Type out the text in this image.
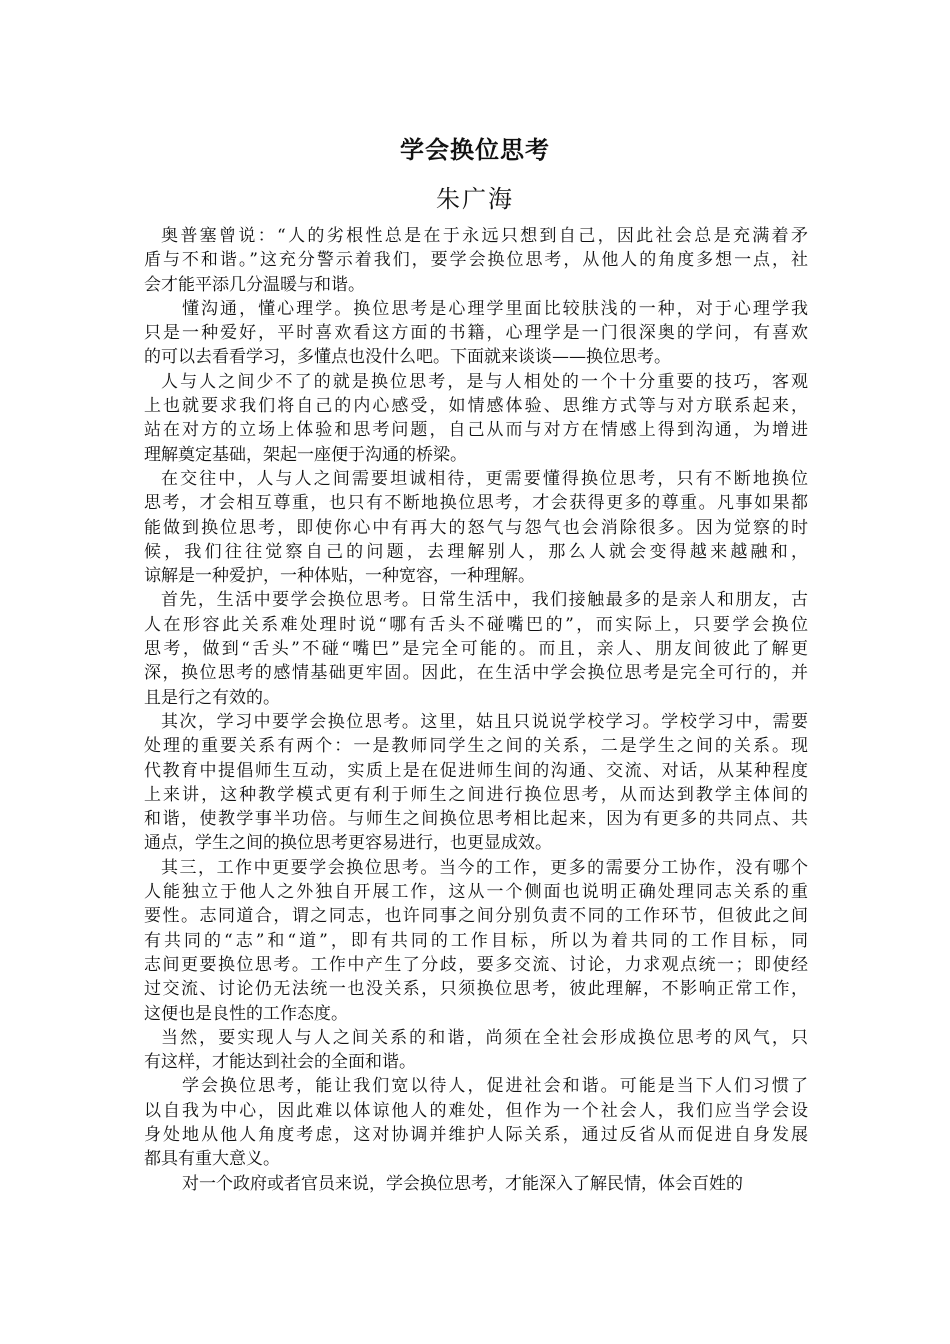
学会换位思考
朱广海
奥普塞曾说：“人的劣根性总是在于永远只想到自己，因此社会总是充满着矛
盾与不和谐。”这充分警示着我们，要学会换位思考，从他人的角度多想一点，社
会才能平添几分温暖与和谐。
懂沟通，懂心理学。换位思考是心理学里面比较肤浅的一种，对于心理学我
只是一种爱好，平时喜欢看这方面的书籍，心理学是一门很深奥的学问，有喜欢
的可以去看看学习，多懂点也没什么吧。下面就来谈谈——换位思考。
人与人之间少不了的就是换位思考，是与人相处的一个十分重要的技巧，客观
上也就要求我们将自己的内心感受，如情感体验、思维方式等与对方联系起来，
站在对方的立场上体验和思考问题，自己从而与对方在情感上得到沟通，为增进
理解奠定基础，架起一座便于沟通的桥梁。
在交往中，人与人之间需要坦诚相待，更需要懂得换位思考，只有不断地换位
思考，才会相互尊重，也只有不断地换位思考，才会获得更多的尊重。凡事如果都
能做到换位思考，即使你心中有再大的怒气与怨气也会消除很多。因为觉察的时
候，我们往往觉察自己的问题，去理解别人，那么人就会变得越来越融和，
谅解是一种爱护，一种体贴，一种宽容，一种理解。
首先，生活中要学会换位思考。日常生活中，我们接触最多的是亲人和朋友，古
人在形容此关系难处理时说“哪有舌头不碰嘴巴的”，而实际上，只要学会换位
思考，做到“舌头”不碰“嘴巴”是完全可能的。而且，亲人、朋友间彼此了解更
深，换位思考的感情基础更牢固。因此，在生活中学会换位思考是完全可行的，并
且是行之有效的。
其次，学习中要学会换位思考。这里，姑且只说说学校学习。学校学习中，需要
处理的重要关系有两个：一是教师同学生之间的关系，二是学生之间的关系。现
代教育中提倡师生互动，实质上是在促进师生间的沟通、交流、对话，从某种程度
上来讲，这种教学模式更有利于师生之间进行换位思考，从而达到教学主体间的
和谐，使教学事半功倍。与师生之间换位思考相比起来，因为有更多的共同点、共
通点，学生之间的换位思考更容易进行，也更显成效。
其三，工作中更要学会换位思考。当今的工作，更多的需要分工协作，没有哪个
人能独立于他人之外独自开展工作，这从一个侧面也说明正确处理同志关系的重
要性。志同道合，谓之同志，也许同事之间分别负责不同的工作环节，但彼此之间
有共同的“志”和“道”，即有共同的工作目标，所以为着共同的工作目标，同
志间更要换位思考。工作中产生了分歧，要多交流、讨论，力求观点统一；即使经
过交流、讨论仍无法统一也没关系，只须换位思考，彼此理解，不影响正常工作，
这便也是良性的工作态度。
当然，要实现人与人之间关系的和谐，尚须在全社会形成换位思考的风气，只
有这样，才能达到社会的全面和谐。
学会换位思考，能让我们宽以待人，促进社会和谐。可能是当下人们习惯了
以自我为中心，因此难以体谅他人的难处，但作为一个社会人，我们应当学会设
身处地从他人角度考虑，这对协调并维护人际关系，通过反省从而促进自身发展
都具有重大意义。
对一个政府或者官员来说，学会换位思考，才能深入了解民情，体会百姓的
